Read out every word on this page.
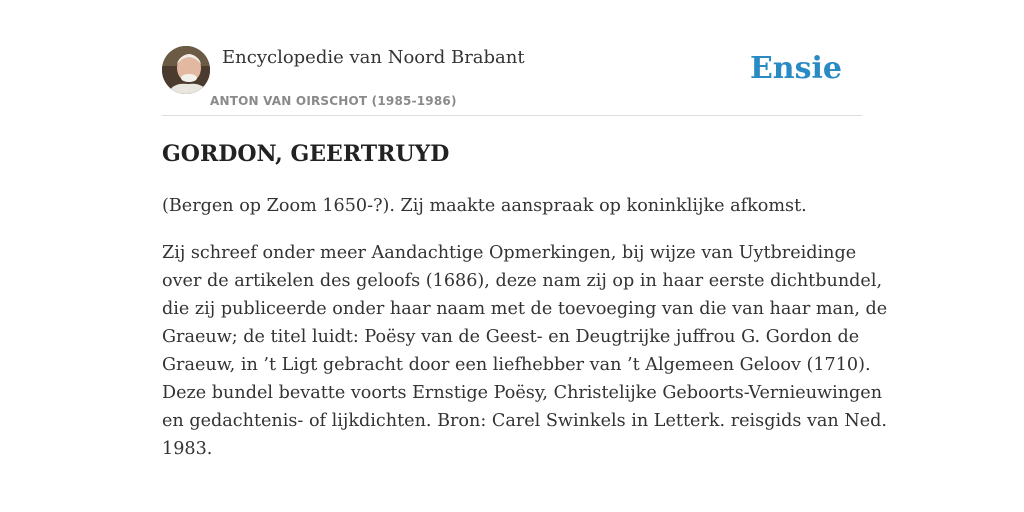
Encyclopedie van Noord Brabant
ANTON VAN OIRSCHOT (1985-1986)
Ensie
GORDON, GEERTRUYD

(Bergen op Zoom 1650-?). Zij maakte aanspraak op koninklijke afkomst.

Zij schreef onder meer Aandachtige Opmerkingen, bij wijze van Uytbreidinge
over de artikelen des geloofs (1686), deze nam zij op in haar eerste dichtbundel,
die zij publiceerde onder haar naam met de toevoeging van die van haar man, de
Graeuw; de titel luidt: Poësy van de Geest- en Deugtrijke juffrou G. Gordon de
Graeuw, in ’t Ligt gebracht door een liefhebber van ’t Algemeen Geloov (1710).
Deze bundel bevatte voorts Ernstige Poësy, Christelijke Geboorts-Vernieuwingen
en gedachtenis- of lijkdichten. Bron: Carel Swinkels in Letterk. reisgids van Ned.
1983.
